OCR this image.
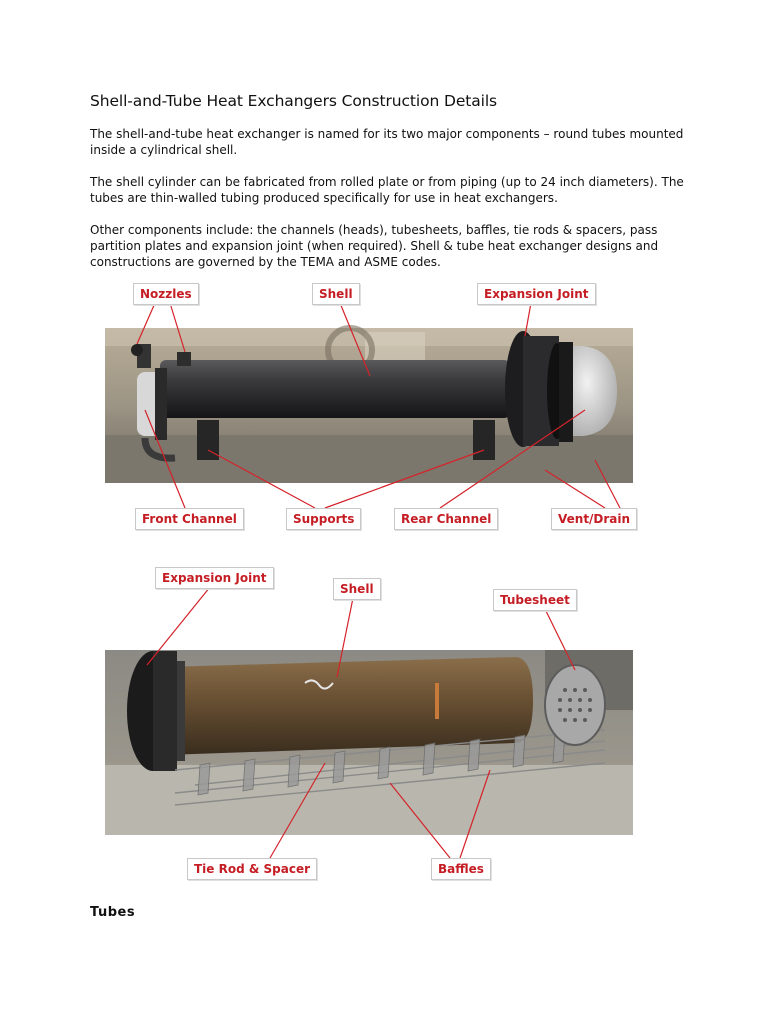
Shell-and-Tube Heat Exchangers Construction Details

The shell-and-tube heat exchanger is named for its two major components – round tubes mounted inside a cylindrical shell.

The shell cylinder can be fabricated from rolled plate or from piping (up to 24 inch diameters). The tubes are thin-walled tubing produced specifically for use in heat exchangers.

Other components include: the channels (heads), tubesheets, baffles, tie rods & spacers, pass partition plates and expansion joint (when required). Shell & tube heat exchanger designs and constructions are governed by the TEMA and ASME codes.

Nozzles	Shell	Expansion Joint
Front Channel	Supports	Rear Channel	Vent/Drain
Expansion Joint
Shell
Tubesheet
Tie Rod & Spacer	Baffles
Tubes
